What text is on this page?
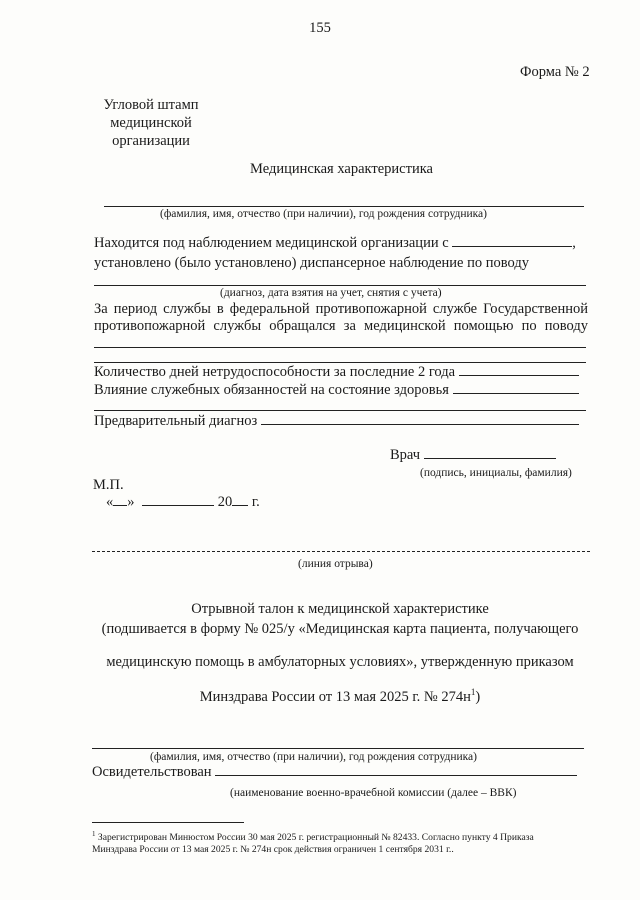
155
Форма № 2
Угловой штамп
медицинской
организации
Медицинская характеристика
(фамилия, имя, отчество (при наличии), год рождения сотрудника)
Находится под наблюдением медицинской организации с	,
установлено (было установлено) диспансерное наблюдение по поводу
(диагноз, дата взятия на учет, снятия с учета)
За период службы в федеральной противопожарной службе Государственной
противопожарной службы обращался за медицинской помощью по поводу
Количество дней нетрудоспособности за последние 2 года
Влияние служебных обязанностей на состояние здоровья
Предварительный диагноз
Врач
(подпись, инициалы, фамилия)
М.П.
« »	20 г.
(линия отрыва)
Отрывной талон к медицинской характеристике
(подшивается в форму № 025/у «Медицинская карта пациента, получающего
медицинскую помощь в амбулаторных условиях», утвержденную приказом
Минздрава России от 13 мая 2025 г. № $274н^1$)
(фамилия, имя, отчество (при наличии), год рождения сотрудника)
Освидетельствован
(наименование военно-врачебной комиссии (далее – ВВК)
$^1$ Зарегистрирован Минюстом России 30 мая 2025 г. регистрационный № 82433. Согласно пункту 4 Приказа
Минздрава России от 13 мая 2025 г. № 274н срок действия ограничен 1 сентября 2031 г..
